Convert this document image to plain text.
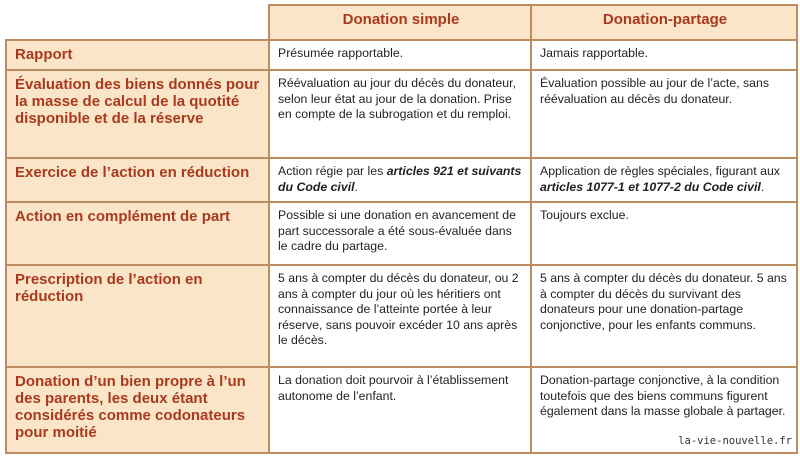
	Donation simple	Donation-partage
Rapport	Présumée rapportable.	Jamais rapportable.
Évaluation des biens donnés pour la masse de calcul de la quotité disponible et de la réserve	Réévaluation au jour du décès du donateur, selon leur état au jour de la donation. Prise en compte de la subrogation et du remploi.	Évaluation possible au jour de l’acte, sans réévaluation au décès du donateur.
Exercice de l’action en réduction	Action régie par les articles 921 et suivants du Code civil.	Application de règles spéciales, figurant aux articles 1077-1 et 1077-2 du Code civil.
Action en complément de part	Possible si une donation en avancement de part successorale a été sous-évaluée dans le cadre du partage.	Toujours exclue.
Prescription de l’action en réduction	5 ans à compter du décès du donateur, ou 2 ans à compter du jour où les héritiers ont connaissance de l’atteinte portée à leur réserve, sans pouvoir excéder 10 ans après le décès.	5 ans à compter du décès du donateur. 5 ans à compter du décès du survivant des donateurs pour une donation-partage conjonctive, pour les enfants communs.
Donation d’un bien propre à l’un des parents, les deux étant considérés comme codonateurs pour moitié	La donation doit pourvoir à l’établissement autonome de l’enfant.	Donation-partage conjonctive, à la condition toutefois que des biens communs figurent également dans la masse globale à partager.
la-vie-nouvelle.fr
